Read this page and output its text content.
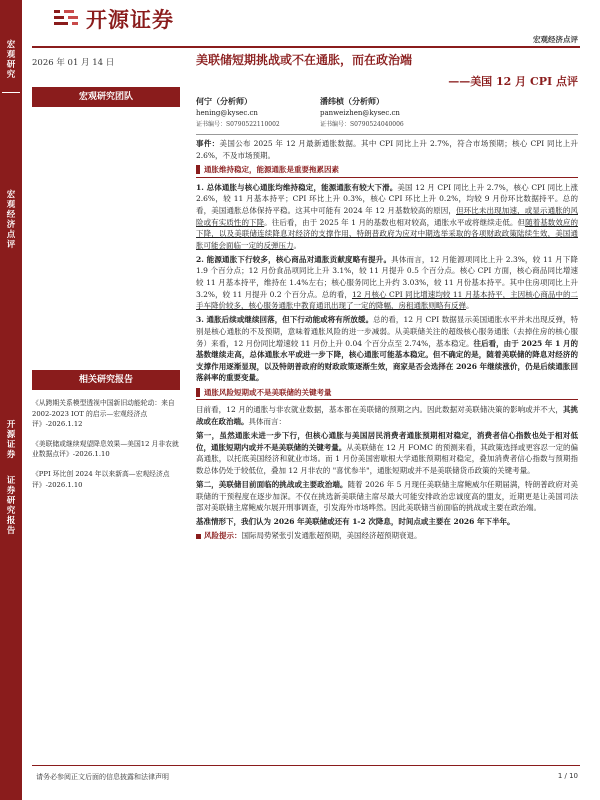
宏
观
研
究
宏
观
经
济
点
评
开
源
证
券
证
券
研
究
报
告
开源证券
宏观经济点评
2026 年 01 月 14 日
宏观研究团队
美联储短期挑战或不在通胀，而在政治端
——美国 12 月 CPI 点评
何宁（分析师）
hening@kysec.cn
证书编号：S0790522110002
潘纬桢（分析师）
panweizhen@kysec.cn
证书编号：S0790524040006
相关研究报告
《从跨期关系模型透视中国新旧动能轮动：来自 2002-2023 IOT 的启示—宏观经济点评》-2026.1.12
《美联储或继续观望降息效果—美国12 月非农就业数据点评》-2026.1.10
《PPI 环比创 2024 年以来新高—宏观经济点评》-2026.1.10

事件：美国公布 2025 年 12 月最新通胀数据。其中 CPI 同比上升 2.7%，符合市场预期；核心 CPI 同比上升 2.6%，不及市场预期。

通胀维持稳定，能源通胀是重要拖累因素

1. 总体通胀与核心通胀均维持稳定，能源通胀有较大下滑。美国 12 月 CPI 同比上升 2.7%，核心 CPI 同比上涨 2.6%，较 11 月基本持平；CPI 环比上升 0.3%，核心 CPI 环比上升 0.2%，均较 9 月份环比数据持平。总的看，美国通胀总体保持平稳。这其中可能有 2024 年 12 月基数较高的原因，但环比未出现加速，或显示通胀的风险或有实质性的下降。往后看，由于 2025 年 1 月的基数也相对较高，通胀水平或将继续走低。但随着基数效应的下降，以及美联储连续降息对经济的支撑作用、特朗普政府为应对中期选举采取的各项财政政策陆续生效，美国通胀可能会面临一定的反弹压力。

2. 能源通胀下行较多，核心商品对通胀贡献度略有提升。具体而言，12 月能源项同比上升 2.3%，较 11 月下降 1.9 个百分点；12 月份食品项同比上升 3.1%，较 11 月提升 0.5 个百分点。核心 CPI 方面，核心商品同比增速较 11 月基本持平，维持在 1.4%左右；核心服务同比上升约 3.03%，较 11 月份基本持平。其中住房项同比上升 3.2%，较 11 月提升 0.2 个百分点。总的看，12 月核心 CPI 同比增速均较 11 月基本持平，主因核心商品中的二手车降价较多，核心服务通胀中教育通讯出现了一定的降幅，房租通胀则略有反弹。

3. 通胀后续或继续回落，但下行动能或将有所放缓。总的看，12 月 CPI 数据显示美国通胀水平并未出现反弹，特别是核心通胀的不及预期，意味着通胀风险的进一步减弱。从美联储关注的超级核心服务通胀（去掉住房的核心服务）来看，12 月份同比增速较 11 月份上升 0.04 个百分点至 2.74%，基本稳定。往后看，由于 2025 年 1 月的基数继续走高，总体通胀水平或进一步下降，核心通胀可能基本稳定。但不确定的是，随着美联储的降息对经济的支撑作用逐渐显现，以及特朗普政府的财政政策逐渐生效，商家是否会选择在 2026 年继续涨价，仍是后续通胀回落斜率的重要变量。

通胀风险短期或不是美联储的关键考量

目前看，12 月的通胀与非农就业数据，基本都在美联储的预期之内。因此数据对美联储决策的影响或并不大，其挑战或在政治端。具体而言：

第一，虽然通胀未进一步下行，但核心通胀与美国居民消费者通胀预期相对稳定，消费者信心指数也处于相对低位，通胀短期内或并不是美联储的关键考量。从美联储在 12 月 FOMC 的预测来看，其政策选择或更容忍一定的偏高通胀，以托底美国经济和就业市场。而 1 月份美国密歇根大学通胀预期相对稳定，叠加消费者信心指数与预期指数总体仍处于较低位，叠加 12 月非农的 "喜忧参半"，通胀短期或并不是美联储货币政策的关键考量。

第二，美联储目前面临的挑战或主要政治端。随着 2026 年 5 月现任美联储主席鲍威尔任期届满，特朗普政府对美联储的干预程度在逐步加深。不仅在挑选新美联储主席尽最大可能安排政治忠诚度高的盟友，近期更是让美国司法部对美联储主席鲍威尔展开刑事调查，引发海外市场哗然。因此美联储当前面临的挑战或主要在政治端。

基准情形下，我们认为 2026 年美联储或还有 1-2 次降息，时间点或主要在 2026 年下半年。

风险提示：国际局势紧张引发通胀超预期，美国经济超预期衰退。

请务必参阅正文后面的信息披露和法律声明	1 / 10
